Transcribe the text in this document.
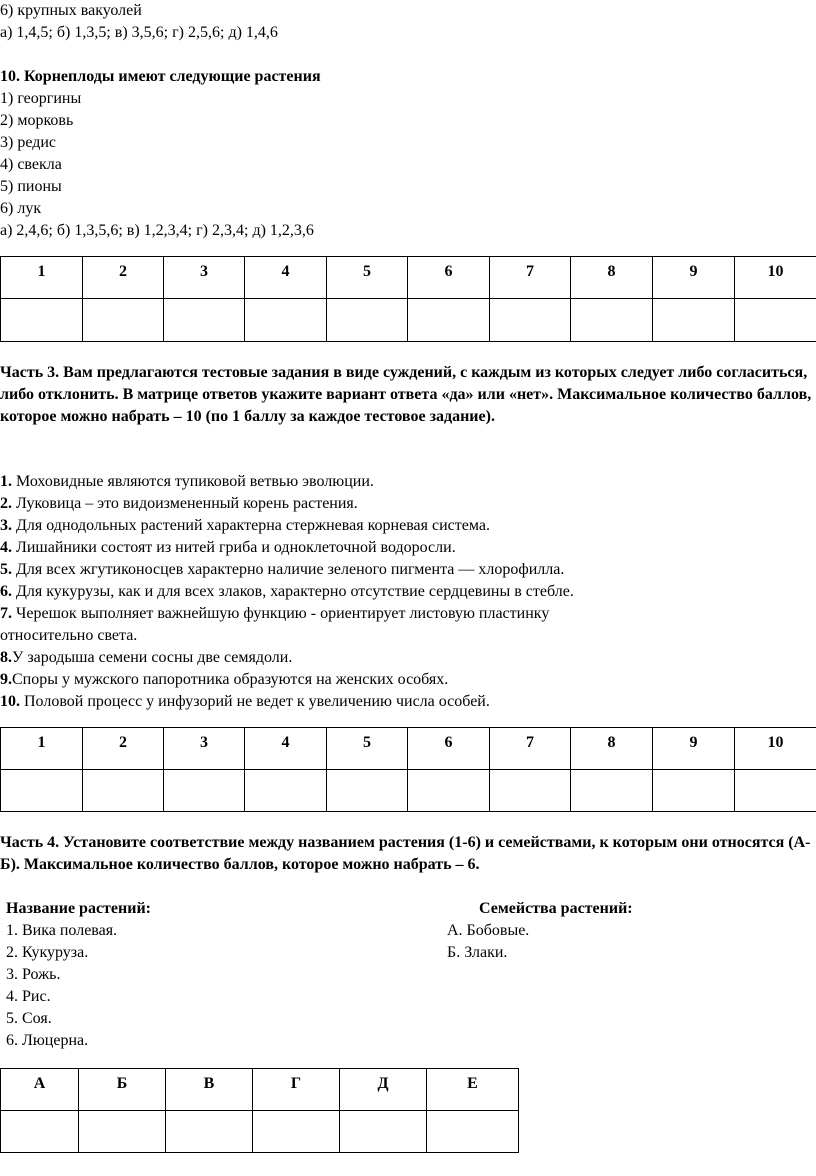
6) крупных вакуолей
а) 1,4,5; б) 1,3,5; в) 3,5,6; г) 2,5,6; д) 1,4,6
10. Корнеплоды имеют следующие растения
1) георгины
2) морковь
3) редис
4) свекла
5) пионы
6) лук
а) 2,4,6; б) 1,3,5,6; в) 1,2,3,4; г) 2,3,4; д) 1,2,3,6
1	2	3	4	5	6	7	8	9	10

Часть 3. Вам предлагаются тестовые задания в виде суждений, с каждым из которых следует либо согласиться, либо отклонить. В матрице ответов укажите вариант ответа «да» или «нет». Максимальное количество баллов, которое можно набрать – 10 (по 1 баллу за каждое тестовое задание).
1. Моховидные являются тупиковой ветвью эволюции.
2. Луковица – это видоизмененный корень растения.
3. Для однодольных растений характерна стержневая корневая система.
4. Лишайники состоят из нитей гриба и одноклеточной водоросли.
5. Для всех жгутиконосцев характерно наличие зеленого пигмента — хлорофилла.
6. Для кукурузы, как и для всех злаков, характерно отсутствие сердцевины в стебле.
7. Черешок выполняет важнейшую функцию - ориентирует листовую пластинку
относительно света.
8.У зародыша семени сосны две семядоли.
9.Споры у мужского папоротника образуются на женских особях.
10. Половой процесс у инфузорий не ведет к увеличению числа особей.
1	2	3	4	5	6	7	8	9	10

Часть 4. Установите соответствие между названием растения (1-6) и семействами, к которым они относятся (А-Б). Максимальное количество баллов, которое можно набрать – 6.
Название растений:	Семейства растений:
1. Вика полевая.
2. Кукуруза.
3. Рожь.
4. Рис.
5. Соя.
6. Люцерна.
А. Бобовые.
Б. Злаки.
А	Б	В	Г	Д	Е
